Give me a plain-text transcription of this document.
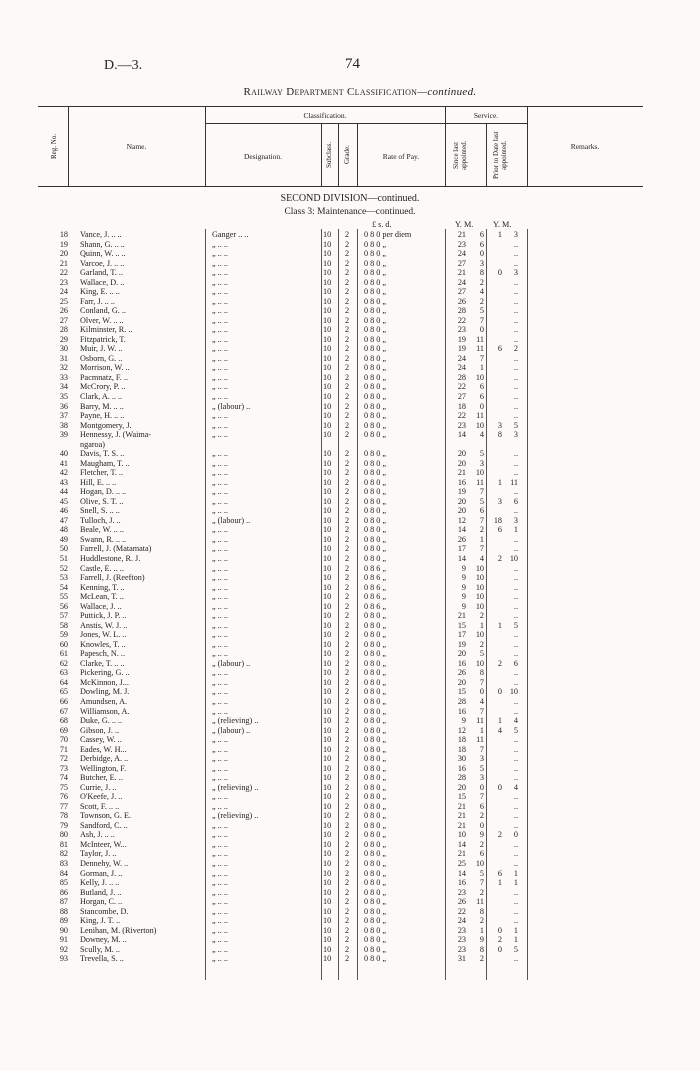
D.—3.	74
Railway Department Classification—continued.
Reg. No.	Name.
Classification.
Designation.	Subclass. Grade.	Rate of Pay.
Service.
Since last appointed.	Prior to Date last appointed.	Remarks.
SECOND DIVISION—continued.
Class 3: Maintenance—continued.
£ s. d.	Y. M. Y. M.
18 Vance, J. .. ..	Ganger .. ..	10	2 0 8 0 per diem	21	6	1	3
19 Shann, G. .. ..	„ .. ..	10	2 0 8 0 „	23	6	..
20 Quinn, W. .. ..	„ .. ..	10	2 0 8 0 „	24	0	..
21 Varcoe, J. .. ..	„ .. ..	10	2 0 8 0 „	27	3	..
22 Garland, T. ..	„ .. ..	10	2 0 8 0 „	21	8	0	3
23 Wallace, D. ..	„ .. ..	10	2 0 8 0 „	24	2	..
24 King, E. .. ..	„ .. ..	10	2 0 8 0 „	27	4	..
25 Farr, J. .. ..	„ .. ..	10	2 0 8 0 „	26	2	..
26 Conland, G. ..	„ .. ..	10	2 0 8 0 „	28	5	..
27 Olver, W. .. ..	„ .. ..	10	2 0 8 0 „	22	7	..
28 Kilminster, R. ..	„ .. ..	10	2 0 8 0 „	23	0	..
29 Fitzpatrick, T.	„ .. ..	10	2 0 8 0 „	19	11	..
30 Muir, J. W. ..	„ .. ..	10	2 0 8 0 „	19	11	6	2
31 Osborn, G. ..	„ .. ..	10	2 0 8 0 „	24	7	..
32 Morrison, W. ..	„ .. ..	10	2 0 8 0 „	24	1	..
33 Pacmnatz, F. ..	„ .. ..	10	2 0 8 0 „	28	10	..
34 McCrory, P. ..	„ .. ..	10	2 0 8 0 „	22	6	..
35 Clark, A. .. ..	„ .. ..	10	2 0 8 0 „	27	6	..
36 Barry, M. .. ..	„ (labour) ..	10	2 0 8 0 „	18	0	..
37 Payne, H. .. ..	„ .. ..	10	2 0 8 0 „	22	11	..
38 Montgomery, J.	„ .. ..	10	2 0 8 0 „	23	10	3	5
39 Hennessy, J. (Waima-	„ .. ..	10	2 0 8 0 „	14	4	8	3
ngaroa)
40 Davis, T. S. ..	„ .. ..	10	2 0 8 0 „	20	5	..
41 Maugham, T. ..	„ .. ..	10	2 0 8 0 „	20	3	..
42 Fletcher, T. ..	„ .. ..	10	2 0 8 0 „	21	10	..
43 Hill, E. .. ..	„ .. ..	10	2 0 8 0 „	16	11	1 11
44 Hogan, D. .. ..	„ .. ..	10	2 0 8 0 „	19	7	..
45 Olive, S. T. ..	„ .. ..	10	2 0 8 0 „	20	5	3	6
46 Snell, S. .. ..	„ .. ..	10	2 0 8 0 „	20	6	..
47 Tulloch, J. ..	„ (labour) ..	10	2 0 8 0 „	12	7	18	3
48 Beale, W. .. ..	„ .. ..	10	2 0 8 0 „	14	2	6	1
49 Swann, R. .. ..	„ .. ..	10	2 0 8 0 „	26	1	..
50 Farrell, J. (Matamata)	„ .. ..	10	2 0 8 0 „	17	7	..
51 Huddlestone, R. J.	„ .. ..	10	2 0 8 0 „	14	4	2 10
52 Castle, E. .. ..	„ .. ..	10	2 0 8 6 „	9	10	..
53 Farrell, J. (Reefton)	„ .. ..	10	2 0 8 6 „	9	10	..
54 Kenning, T. ..	„ .. ..	10	2 0 8 6 „	9	10	..
55 McLean, T. ..	„ .. ..	10	2 0 8 6 „	9	10	..
56 Wallace, J. ..	„ .. ..	10	2 0 8 6 „	9	10	..
57 Puttick, J. P. ..	„ .. ..	10	2 0 8 0 „	21	2	..
58 Anstis, W. J. ..	„ .. ..	10	2 0 8 0 „	15	1	1	5
59 Jones, W. L. ..	„ .. ..	10	2 0 8 0 „	17	10	..
60 Knowles, T. ..	„ .. ..	10	2 0 8 0 „	19	2	..
61 Papesch, N. ..	„ .. ..	10	2 0 8 0 „	20	5	..
62 Clarke, T. .. ..	„ (labour) ..	10	2 0 8 0 „	16	10	2	6
63 Pickering, G. ..	„ .. ..	10	2 0 8 0 „	26	8	..
64 McKinnon, J...	„ .. ..	10	2 0 8 0 „	20	7	..
65 Dowling, M. J.	„ .. ..	10	2 0 8 0 „	15	0	0 10
66 Amundsen, A.	„ .. ..	10	2 0 8 0 „	28	4	..
67 Williamson, A.	„ .. ..	10	2 0 8 0 „	16	7	..
68 Duke, G. .. ..	„ (relieving) ..	10	2 0 8 0 „	9	11	1	4
69 Gibson, J. ..	„ (labour) ..	10	2 0 8 0 „	12	1	4	5
70 Cassey, W. ..	„ .. ..	10	2 0 8 0 „	18	11	..
71 Eades, W. H...	„ .. ..	10	2 0 8 0 „	18	7	..
72 Derbidge, A. ..	„ .. ..	10	2 0 8 0 „	30	3	..
73 Wellington, F.	„ .. ..	10	2 0 8 0 „	16	5	..
74 Butcher, E. ..	„ .. ..	10	2 0 8 0 „	28	3	..
75 Currie, J. ..	„ (relieving) ..	10	2 0 8 0 „	20	0	0	4
76 O'Keefe, J. ..	„ .. ..	10	2 0 8 0 „	15	7	..
77 Scott, F. .. ..	„ .. ..	10	2 0 8 0 „	21	6	..
78 Townson, G. E.	„ (relieving) ..	10	2 0 8 0 „	21	2	..
79 Sandford, C. ..	„ .. ..	10	2 0 8 0 „	21	0	..
80 Ash, J. .. ..	„ .. ..	10	2 0 8 0 „	10	9	2	0
81 McInteer, W...	„ .. ..	10	2 0 8 0 „	14	2	..
82 Taylor, J. ..	„ .. ..	10	2 0 8 0 „	21	6	..
83 Dennehy, W. ..	„ .. ..	10	2 0 8 0 „	25	10	..
84 Gorman, J. ..	„ .. ..	10	2 0 8 0 „	14	5	6	1
85 Kelly, J. .. ..	„ .. ..	10	2 0 8 0 „	16	7	1	1
86 Butland, J. ..	„ .. ..	10	2 0 8 0 „	23	2	..
87 Horgan, C. ..	„ .. ..	10	2 0 8 0 „	26	11	..
88 Stancombe, D.	„ .. ..	10	2 0 8 0 „	22	8	..
89 King, J. T. ..	„ .. ..	10	2 0 8 0 „	24	2	..
90 Lenihan, M. (Riverton)	„ .. ..	10	2 0 8 0 „	23	1	0	1
91 Downey, M. ..	„ .. ..	10	2 0 8 0 „	23	9	2	1
92 Scully, M. ..	„ .. ..	10	2 0 8 0 „	23	8	0	5
93 Trevella, S. ..	„ .. ..	10	2 0 8 0 „	31	2	..
